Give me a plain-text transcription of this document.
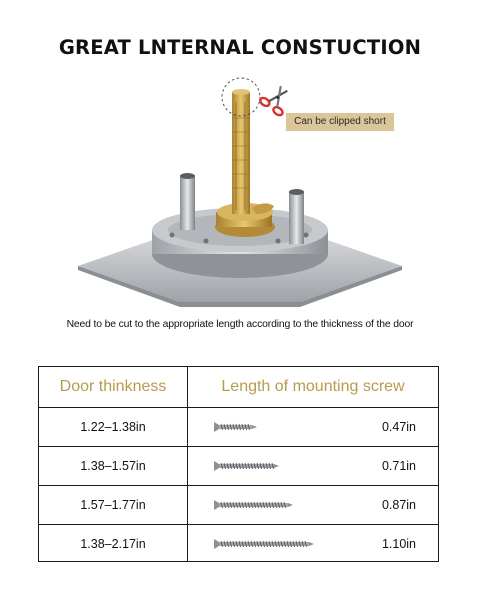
GREAT LNTERNAL CONSTUCTION
Can be clipped short
Need to be cut to the appropriate length according to the thickness of the door
Door thinkness	Length of mounting screw
1.22–1.38in	0.47in
1.38–1.57in	0.71in
1.57–1.77in	0.87in
1.38–2.17in	1.10in
